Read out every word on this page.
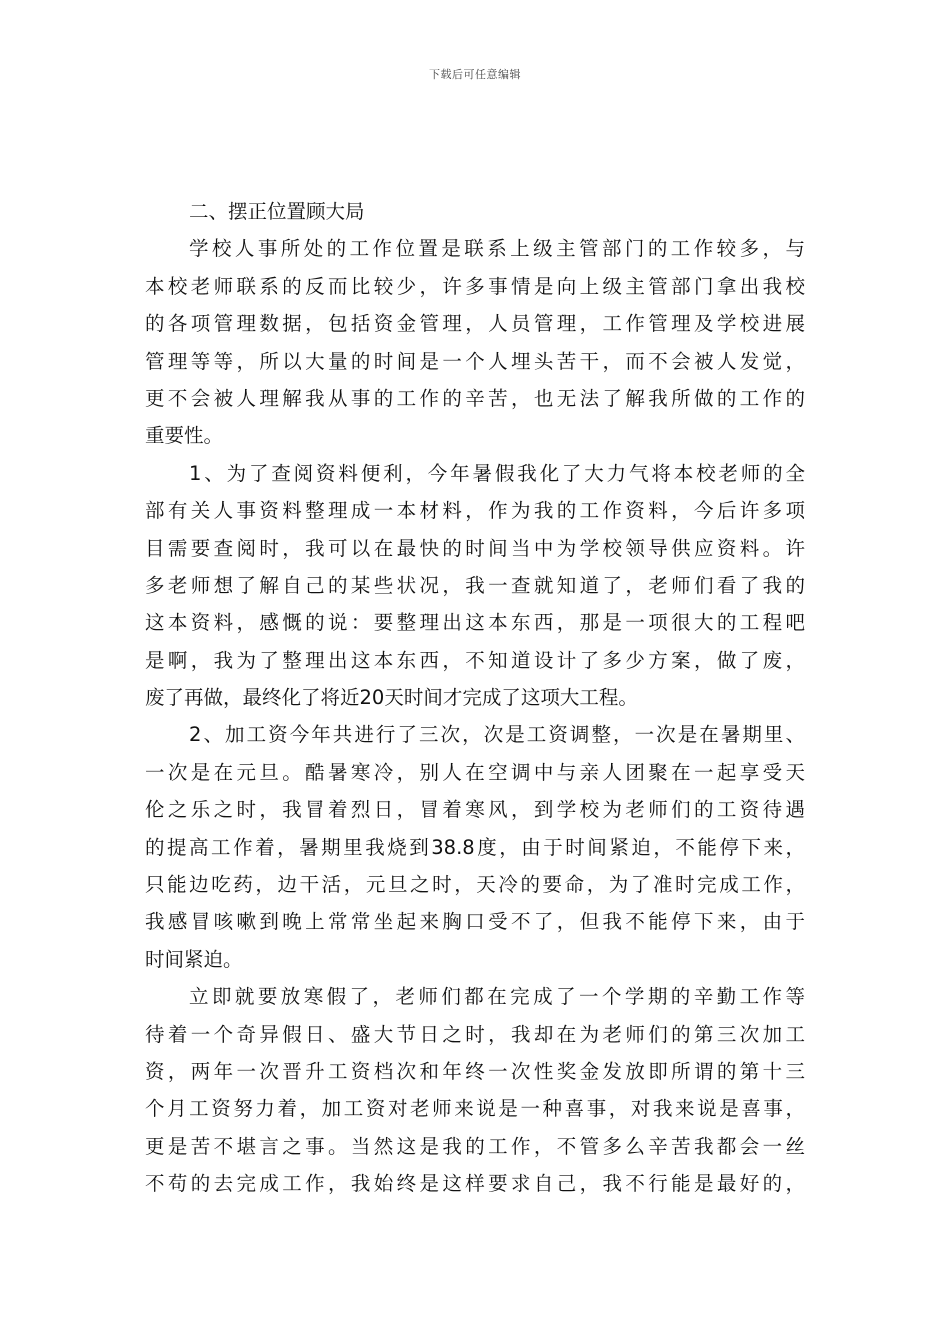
下载后可任意编辑
二、摆正位置顾大局
学校人事所处的工作位置是联系上级主管部门的工作较多，与
本校老师联系的反而比较少，许多事情是向上级主管部门拿出我校
的各项管理数据，包括资金管理，人员管理，工作管理及学校进展
管理等等，所以大量的时间是一个人埋头苦干，而不会被人发觉，
更不会被人理解我从事的工作的辛苦，也无法了解我所做的工作的
重要性。
1、为了查阅资料便利，今年暑假我化了大力气将本校老师的全
部有关人事资料整理成一本材料，作为我的工作资料，今后许多项
目需要查阅时，我可以在最快的时间当中为学校领导供应资料。许
多老师想了解自己的某些状况，我一查就知道了，老师们看了我的
这本资料，感慨的说：要整理出这本东西，那是一项很大的工程吧
是啊，我为了整理出这本东西，不知道设计了多少方案，做了废，
废了再做，最终化了将近20天时间才完成了这项大工程。
2、加工资今年共进行了三次，次是工资调整，一次是在暑期里、
一次是在元旦。酷暑寒冷，别人在空调中与亲人团聚在一起享受天
伦之乐之时，我冒着烈日，冒着寒风，到学校为老师们的工资待遇
的提高工作着，暑期里我烧到38.8度，由于时间紧迫，不能停下来，
只能边吃药，边干活，元旦之时，天冷的要命，为了准时完成工作，
我感冒咳嗽到晚上常常坐起来胸口受不了，但我不能停下来，由于
时间紧迫。
立即就要放寒假了，老师们都在完成了一个学期的辛勤工作等
待着一个奇异假日、盛大节日之时，我却在为老师们的第三次加工
资，两年一次晋升工资档次和年终一次性奖金发放即所谓的第十三
个月工资努力着，加工资对老师来说是一种喜事，对我来说是喜事，
更是苦不堪言之事。当然这是我的工作，不管多么辛苦我都会一丝
不苟的去完成工作，我始终是这样要求自己，我不行能是最好的，
